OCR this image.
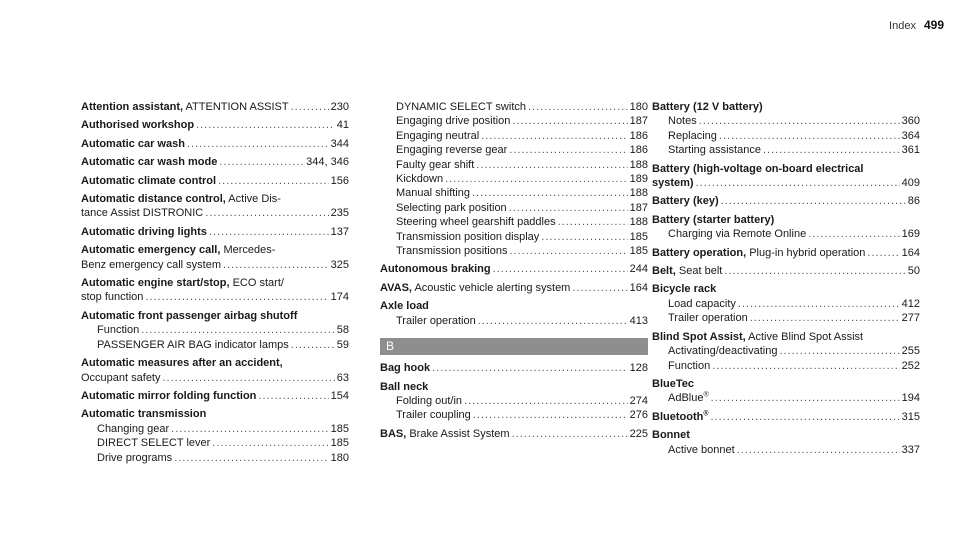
Index 499
Attention assistant, ATTENTION ASSIST .....	230
Authorised workshop .....	41
Automatic car wash .....	344
Automatic car wash mode .....	344, 346
Automatic climate control .....	156
Automatic distance control, Active Dis-
tance Assist DISTRONIC .....	235
Automatic driving lights .....	137
Automatic emergency call, Mercedes-
Benz emergency call system .....	325
Automatic engine start/stop, ECO start/
stop function .....	174
Automatic front passenger airbag shutoff
Function .....	58
PASSENGER AIR BAG indicator lamps .....	59
Automatic measures after an accident,
Occupant safety .....	63
Automatic mirror folding function .....	154
Automatic transmission
Changing gear .....	185
DIRECT SELECT lever .....	185
Drive programs .....	180
DYNAMIC SELECT switch .....	180
Engaging drive position .....	187
Engaging neutral .....	186
Engaging reverse gear .....	186
Faulty gear shift .....	188
Kickdown .....	189
Manual shifting .....	188
Selecting park position .....	187
Steering wheel gearshift paddles .....	188
Transmission position display .....	185
Transmission positions .....	185
Autonomous braking .....	244
AVAS, Acoustic vehicle alerting system .....	164
Axle load
Trailer operation .....	413
B
Bag hook .....	128
Ball neck
Folding out/in .....	274
Trailer coupling .....	276
BAS, Brake Assist System .....	225
Battery (12 V battery)
Notes .....	360
Replacing .....	364
Starting assistance .....	361
Battery (high-voltage on-board electrical
system) .....	409
Battery (key) .....	86
Battery (starter battery)
Charging via Remote Online .....	169
Battery operation, Plug-in hybrid operation .....	164
Belt, Seat belt .....	50
Bicycle rack
Load capacity .....	412
Trailer operation .....	277
Blind Spot Assist, Active Blind Spot Assist
Activating/deactivating .....	255
Function .....	252
BlueTec
AdBlue® .....	194
Bluetooth® .....	315
Bonnet
Active bonnet .....	337
